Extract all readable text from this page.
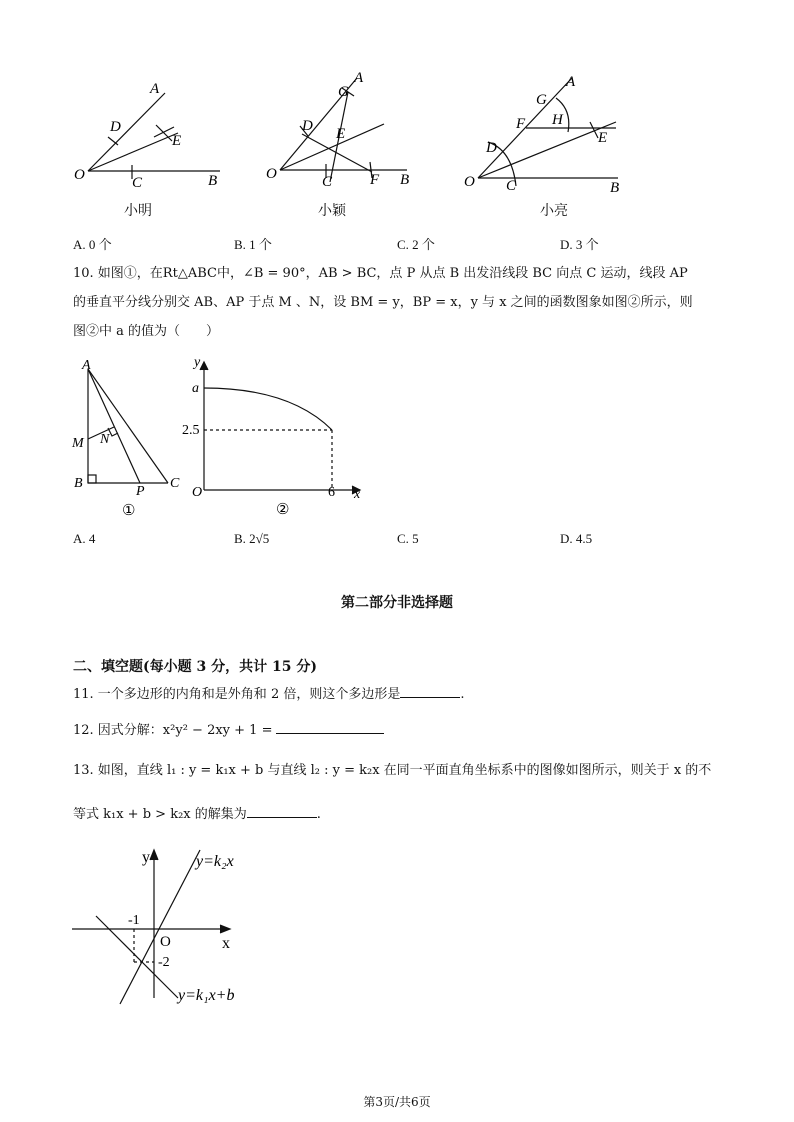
O
A
D
E
C	B
小明
O
A
G
D E
C	F B
小颖
O
A
G
F H
D
E
C	B
小亮
A. 0 个	B. 1 个	C. 2 个	D. 3 个
10. 如图①，在Rt△ABC中，∠B = 90°，AB > BC，点 P 从点 B 出发沿线段 BC 向点 C 运动，线段 AP
的垂直平分线分别交 AB、AP 于点 M 、N，设 BM = y，BP = x，y 与 x 之间的函数图象如图②所示，则
图②中 a 的值为（　　）
A
M N
B
P
C
①
y
a
2.5
O	6 x
②
A. 4	B. 2√5	C. 5	D. 4.5
第二部分非选择题
二、填空题(每小题 3 分，共计 15 分)
11. 一个多边形的内角和是外角和 2 倍，则这个多边形是	.
12. 因式分解：x²y² − 2xy + 1 =
13. 如图，直线 l₁ : y = k₁x + b 与直线 l₂ : y = k₂x 在同一平面直角坐标系中的图像如图所示，则关于 x 的不
等式 k₁x + b > k₂x 的解集为	.
y
x
O
-1
-2
y=k₂x
y=k₁x+b
第3页/共6页
